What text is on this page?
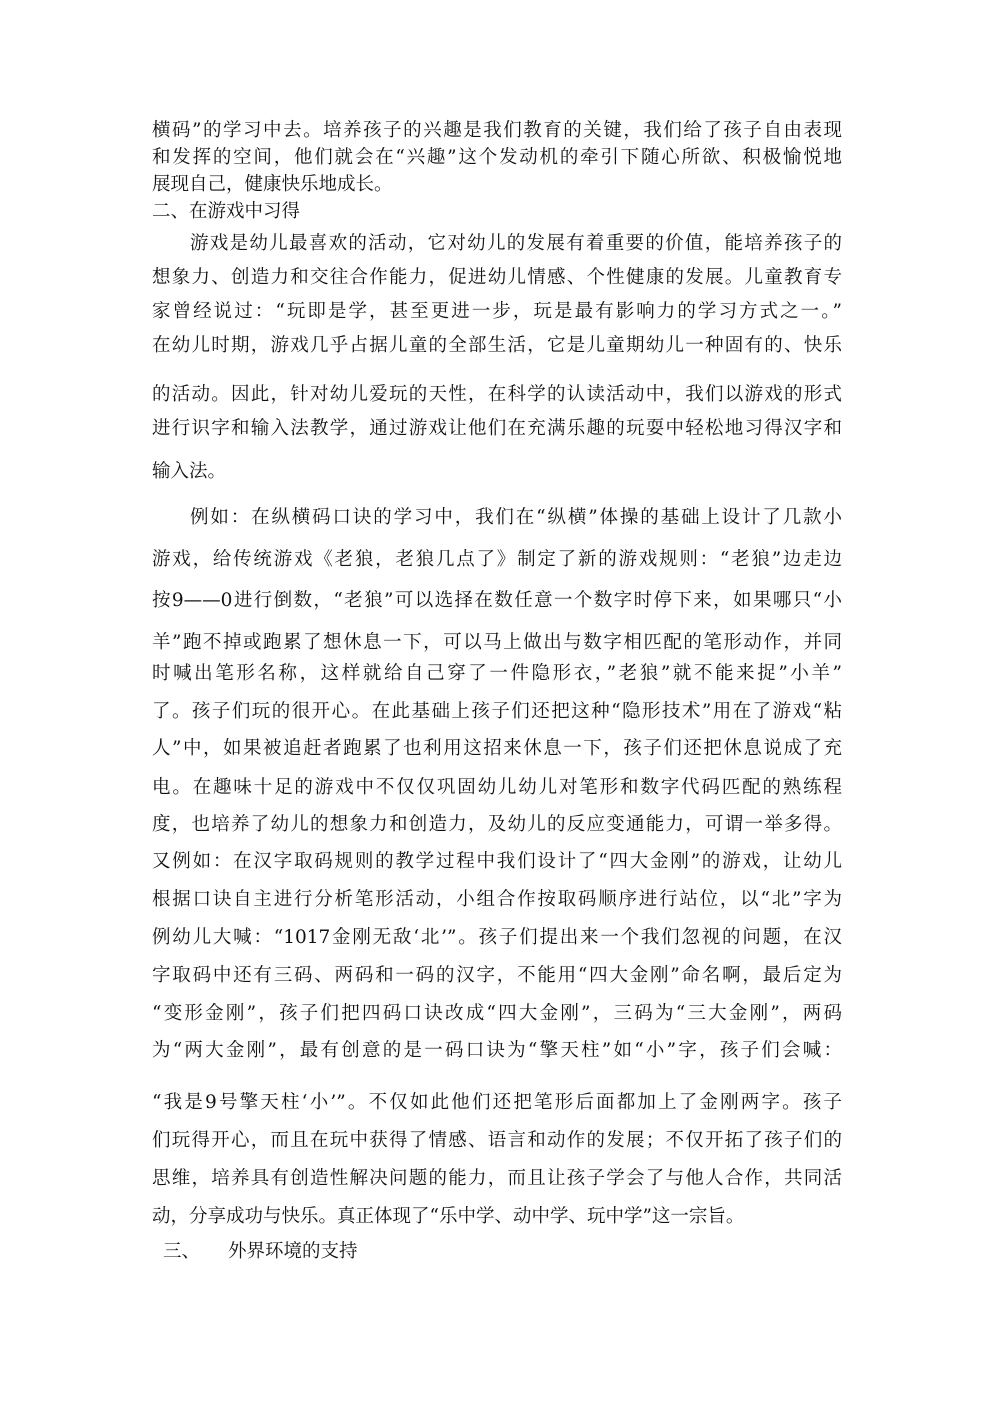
横码”的学习中去。培养孩子的兴趣是我们教育的关键，我们给了孩子自由表现
和发挥的空间，他们就会在“兴趣”这个发动机的牵引下随心所欲、积极愉悦地
展现自己，健康快乐地成长。
二、在游戏中习得
游戏是幼儿最喜欢的活动，它对幼儿的发展有着重要的价值，能培养孩子的
想象力、创造力和交往合作能力，促进幼儿情感、个性健康的发展。儿童教育专
家曾经说过：“玩即是学，甚至更进一步，玩是最有影响力的学习方式之一。”
在幼儿时期，游戏几乎占据儿童的全部生活，它是儿童期幼儿一种固有的、快乐
的活动。因此，针对幼儿爱玩的天性，在科学的认读活动中，我们以游戏的形式
进行识字和输入法教学，通过游戏让他们在充满乐趣的玩耍中轻松地习得汉字和
输入法。
例如：在纵横码口诀的学习中，我们在“纵横”体操的基础上设计了几款小
游戏，给传统游戏《老狼，老狼几点了》制定了新的游戏规则：“老狼”边走边
按9——0进行倒数，“老狼”可以选择在数任意一个数字时停下来，如果哪只“小
羊”跑不掉或跑累了想休息一下，可以马上做出与数字相匹配的笔形动作，并同
时喊出笔形名称，这样就给自己穿了一件隐形衣，”老狼”就不能来捉”小羊”
了。孩子们玩的很开心。在此基础上孩子们还把这种“隐形技术”用在了游戏“粘
人”中，如果被追赶者跑累了也利用这招来休息一下，孩子们还把休息说成了充
电。在趣味十足的游戏中不仅仅巩固幼儿幼儿对笔形和数字代码匹配的熟练程
度，也培养了幼儿的想象力和创造力，及幼儿的反应变通能力，可谓一举多得。
又例如：在汉字取码规则的教学过程中我们设计了“四大金刚”的游戏，让幼儿
根据口诀自主进行分析笔形活动，小组合作按取码顺序进行站位，以“北”字为
例幼儿大喊：“1017金刚无敌‘北’”。孩子们提出来一个我们忽视的问题，在汉
字取码中还有三码、两码和一码的汉字，不能用“四大金刚”命名啊，最后定为
“变形金刚”，孩子们把四码口诀改成“四大金刚”，三码为“三大金刚”，两码
为“两大金刚”，最有创意的是一码口诀为“擎天柱”如“小”字，孩子们会喊：
“我是9号擎天柱‘小’”。不仅如此他们还把笔形后面都加上了金刚两字。孩子
们玩得开心，而且在玩中获得了情感、语言和动作的发展；不仅开拓了孩子们的
思维，培养具有创造性解决问题的能力，而且让孩子学会了与他人合作，共同活
动，分享成功与快乐。真正体现了“乐中学、动中学、玩中学”这一宗旨。
三、 外界环境的支持
